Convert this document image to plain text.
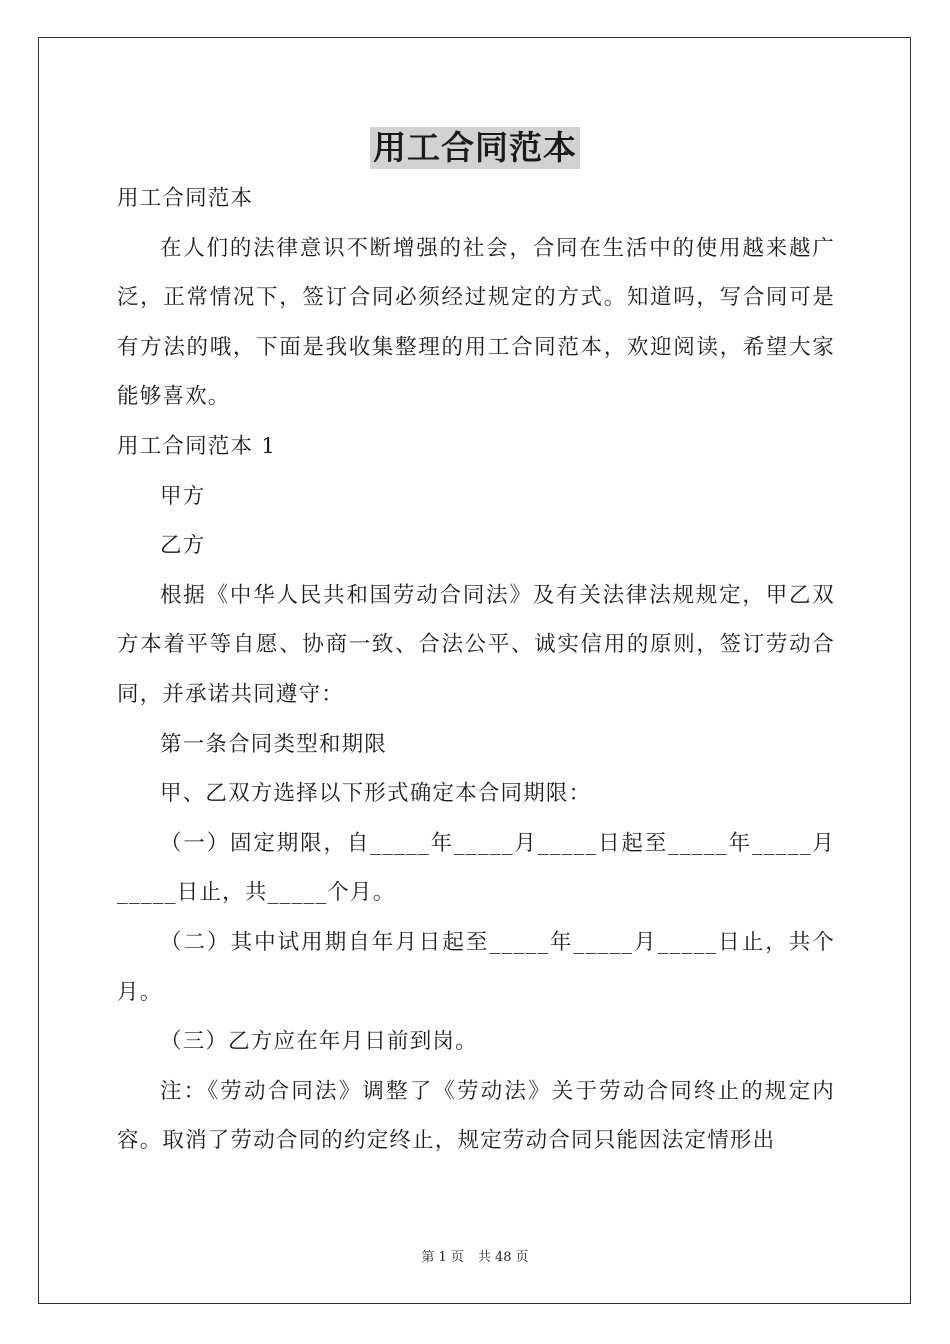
用工合同范本

用工合同范本

在人们的法律意识不断增强的社会，合同在生活中的使用越来越广泛，正常情况下，签订合同必须经过规定的方式。知道吗，写合同可是有方法的哦，下面是我收集整理的用工合同范本，欢迎阅读，希望大家能够喜欢。

用工合同范本 1

甲方

乙方

根据《中华人民共和国劳动合同法》及有关法律法规规定，甲乙双方本着平等自愿、协商一致、合法公平、诚实信用的原则，签订劳动合同，并承诺共同遵守：

第一条合同类型和期限

甲、乙双方选择以下形式确定本合同期限：

（一）固定期限，自_____年_____月_____日起至_____年_____月_____日止，共_____个月。

（二）其中试用期自年月日起至_____年_____月_____日止，共个月。

（三）乙方应在年月日前到岗。

注：《劳动合同法》调整了《劳动法》关于劳动合同终止的规定内容。取消了劳动合同的约定终止，规定劳动合同只能因法定情形出

第 1 页 共 48 页
